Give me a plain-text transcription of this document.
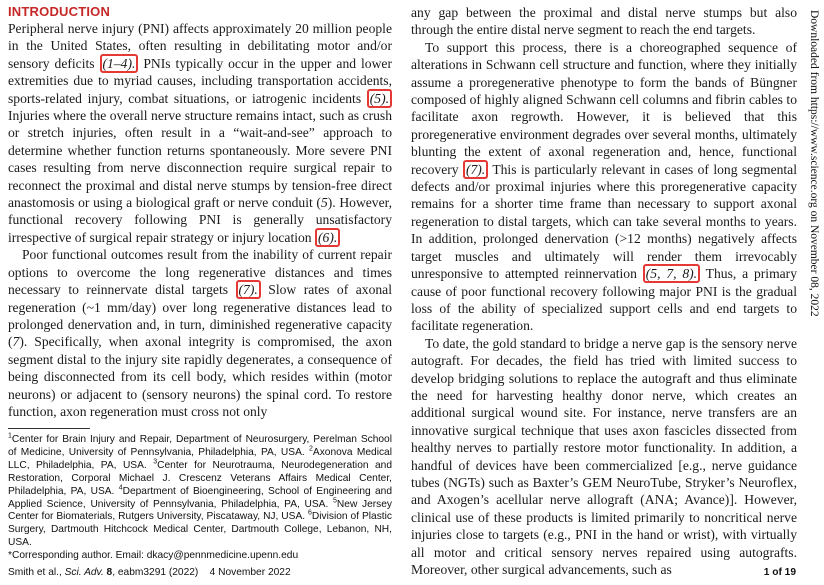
INTRODUCTION

Peripheral nerve injury (PNI) affects approximately 20 million people in the United States, often resulting in debilitating motor and/or sensory deficits (1–4). PNIs typically occur in the upper and lower extremities due to myriad causes, including transportation accidents, sports-related injury, combat situations, or iatrogenic incidents (5). Injuries where the overall nerve structure remains intact, such as crush or stretch injuries, often result in a “wait-and-see” approach to determine whether function returns spontaneously. More severe PNI cases resulting from nerve disconnection require surgical repair to reconnect the proximal and distal nerve stumps by tension-free direct anastomosis or using a biological graft or nerve conduit (5). However, functional recovery following PNI is generally unsatisfactory irrespective of surgical repair strategy or injury location (6).

Poor functional outcomes result from the inability of current repair options to overcome the long regenerative distances and times necessary to reinnervate distal targets (7). Slow rates of axonal regeneration (~1 mm/day) over long regenerative distances lead to prolonged denervation and, in turn, diminished regenerative capacity (7). Specifically, when axonal integrity is compromised, the axon segment distal to the injury site rapidly degenerates, a consequence of being disconnected from its cell body, which resides within (motor neurons) or adjacent to (sensory neurons) the spinal cord. To restore function, axon regeneration must cross not only

$^1$Center for Brain Injury and Repair, Department of Neurosurgery, Perelman School of Medicine, University of Pennsylvania, Philadelphia, PA, USA. $^2$Axonova Medical LLC, Philadelphia, PA, USA. $^3$Center for Neurotrauma, Neurodegeneration and Restoration, Corporal Michael J. Crescenz Veterans Affairs Medical Center, Philadelphia, PA, USA. $^4$Department of Bioengineering, School of Engineering and Applied Science, University of Pennsylvania, Philadelphia, PA, USA. $^5$New Jersey Center for Biomaterials, Rutgers University, Piscataway, NJ, USA. $^6$Division of Plastic Surgery, Dartmouth Hitchcock Medical Center, Dartmouth College, Lebanon, NH, USA.
*Corresponding author. Email: dkacy@pennmedicine.upenn.edu

any gap between the proximal and distal nerve stumps but also through the entire distal nerve segment to reach the end targets.

To support this process, there is a choreographed sequence of alterations in Schwann cell structure and function, where they initially assume a proregenerative phenotype to form the bands of Büngner composed of highly aligned Schwann cell columns and fibrin cables to facilitate axon regrowth. However, it is believed that this proregenerative environment degrades over several months, ultimately blunting the extent of axonal regeneration and, hence, functional recovery (7). This is particularly relevant in cases of long segmental defects and/or proximal injuries where this proregenerative capacity remains for a shorter time frame than necessary to support axonal regeneration to distal targets, which can take several months to years. In addition, prolonged denervation (>12 months) negatively affects target muscles and ultimately will render them irrevocably unresponsive to attempted reinnervation (5, 7, 8). Thus, a primary cause of poor functional recovery following major PNI is the gradual loss of the ability of specialized support cells and end targets to facilitate regeneration.

To date, the gold standard to bridge a nerve gap is the sensory nerve autograft. For decades, the field has tried with limited success to develop bridging solutions to replace the autograft and thus eliminate the need for harvesting healthy donor nerve, which creates an additional surgical wound site. For instance, nerve transfers are an innovative surgical technique that uses axon fascicles dissected from healthy nerves to partially restore motor functionality. In addition, a handful of devices have been commercialized [e.g., nerve guidance tubes (NGTs) such as Baxter’s GEM NeuroTube, Stryker’s Neuroflex, and Axogen’s acellular nerve allograft (ANA; Avance)]. However, clinical use of these products is limited primarily to noncritical nerve injuries close to targets (e.g., PNI in the hand or wrist), with virtually all motor and critical sensory nerves repaired using autografts. Moreover, other surgical advancements, such as

Smith et al., Sci. Adv. 8, eabm3291 (2022)    4 November 2022	1 of 19
Downloaded from https://www.science.org on November 08, 2022
